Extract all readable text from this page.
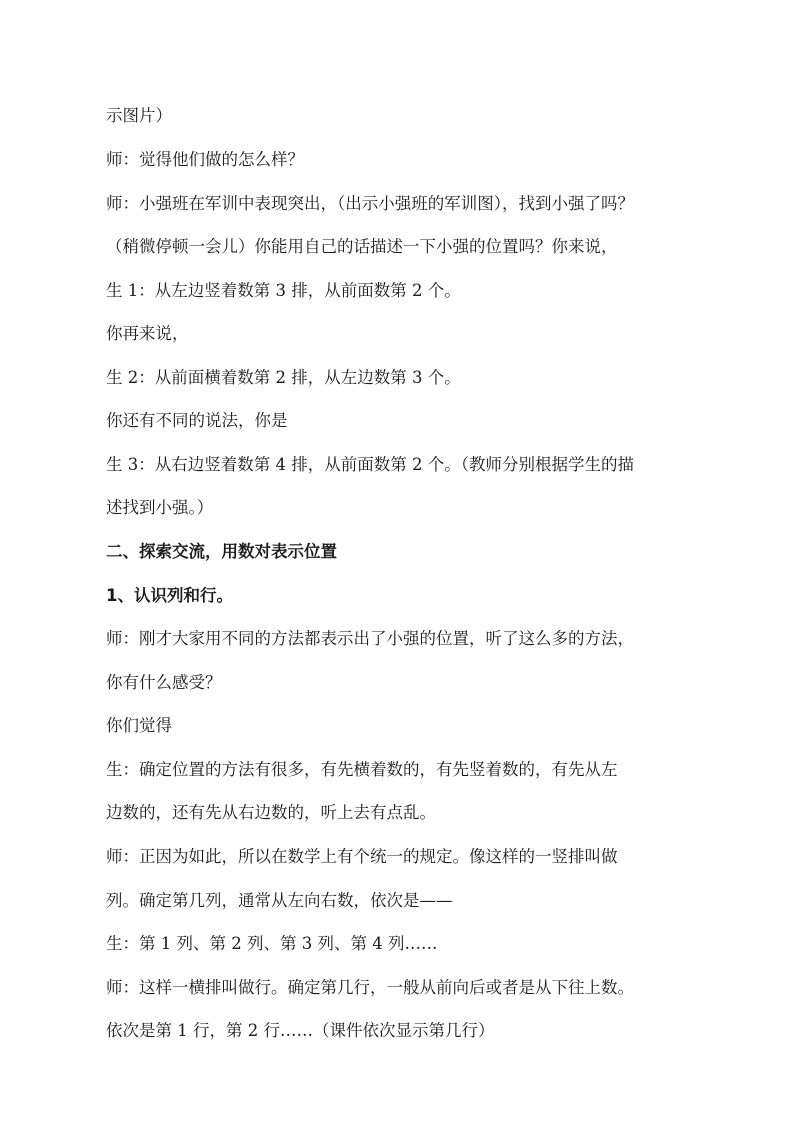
示图片）
师：觉得他们做的怎么样？
师：小强班在军训中表现突出，（出示小强班的军训图），找到小强了吗？
（稍微停顿一会儿）你能用自己的话描述一下小强的位置吗？你来说，
生 1：从左边竖着数第 3 排，从前面数第 2 个。
你再来说，
生 2：从前面横着数第 2 排，从左边数第 3 个。
你还有不同的说法，你是
生 3：从右边竖着数第 4 排，从前面数第 2 个。（教师分别根据学生的描
述找到小强。）
二、探索交流，用数对表示位置
1、认识列和行。
师：刚才大家用不同的方法都表示出了小强的位置，听了这么多的方法，
你有什么感受？
你们觉得
生：确定位置的方法有很多，有先横着数的，有先竖着数的，有先从左
边数的，还有先从右边数的，听上去有点乱。
师：正因为如此，所以在数学上有个统一的规定。像这样的一竖排叫做
列。确定第几列，通常从左向右数，依次是——
生：第 1 列、第 2 列、第 3 列、第 4 列……
师：这样一横排叫做行。确定第几行，一般从前向后或者是从下往上数。
依次是第 1 行，第 2 行……（课件依次显示第几行）
